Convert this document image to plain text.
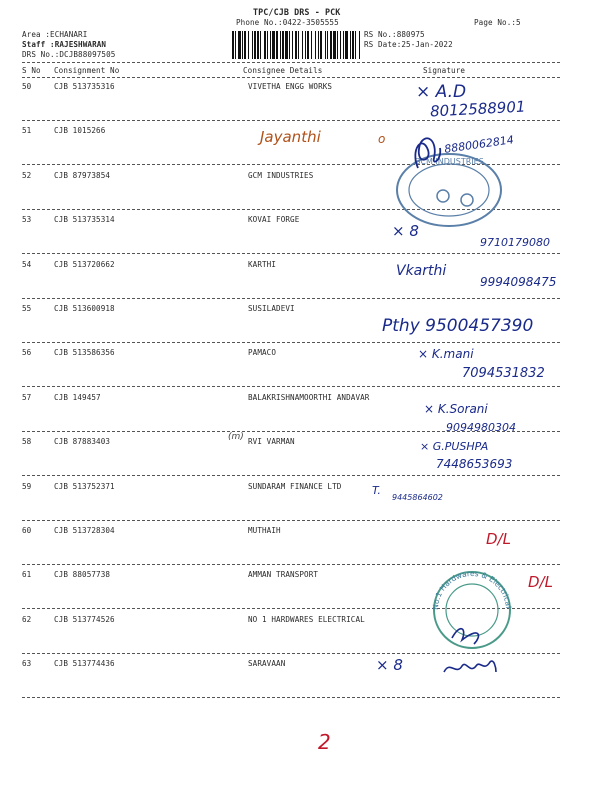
TPC/CJB DRS - PCK
Phone No.:0422-3505555	Page No.:5
Area :ECHANARI
Staff :RAJESHWARAN
DRS No.:DCJB88097505
RS No.:880975
RS Date:25-Jan-2022
S No Consignment No	Consignee Details	Signature
50	CJB 513735316	VIVETHA ENGG WORKS
51	CJB 1015266
52	CJB 87973854	GCM INDUSTRIES
53	CJB 513735314	KOVAI FORGE
54	CJB 513720662	KARTHI
55	CJB 513600918	SUSILADEVI
56	CJB 513586356	PAMACO
57	CJB 149457	BALAKRISHNAMOORTHI ANDAVAR
58	CJB 87883403	RVI VARMAN
59	CJB 513752371	SUNDARAM FINANCE LTD
60	CJB 513728304	MUTHAIH
61	CJB 88057738	AMMAN TRANSPORT
62	CJB 513774526	NO 1 HARDWARES ELECTRICAL
63	CJB 513774436	SARAVAAN
GCM INDUSTRIES
No.1 Hardwares & Electrical
× A.D
8012588901
Jayanthi	o	8880062814
× 8
9710179080
Vkarthi
9994098475
Pthy 9500457390
× K.mani
7094531832
× K.Sorani
9094980304
(m)
× G.PUSHPA
7448653693
T.
9445864602
D/L
D/L
× 8
2
